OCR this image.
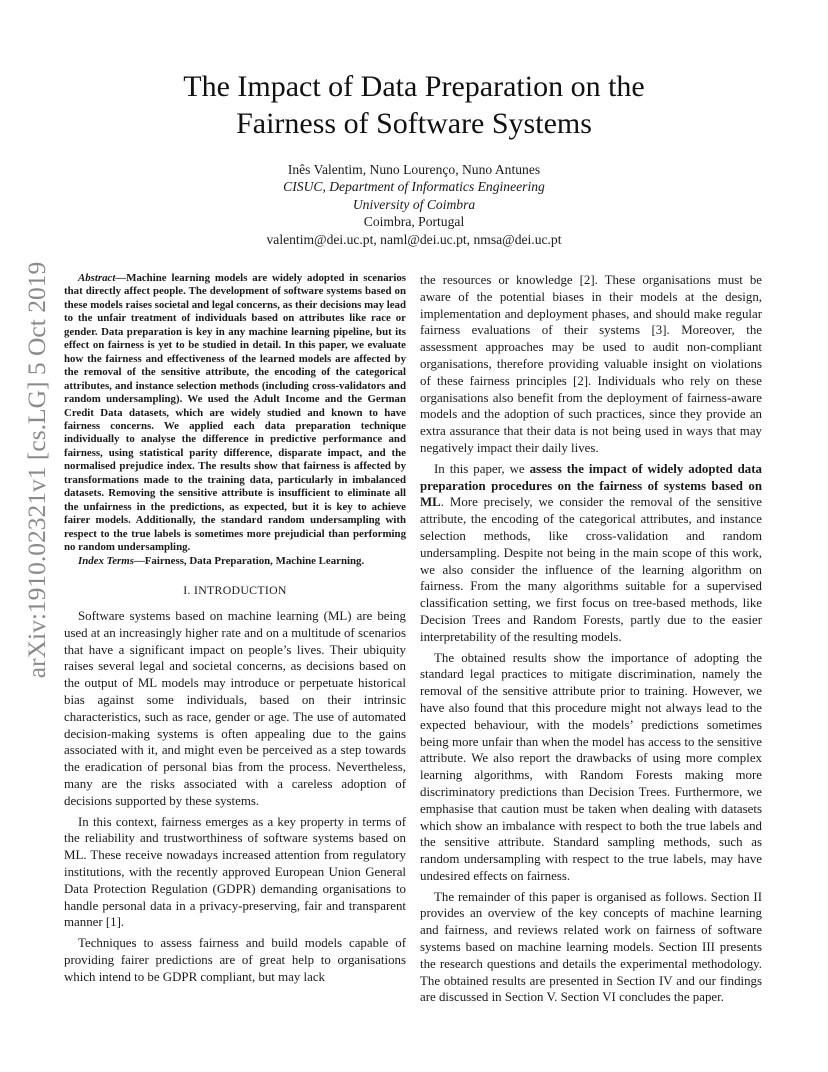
arXiv:1910.02321v1 [cs.LG] 5 Oct 2019
The Impact of Data Preparation on the
Fairness of Software Systems
Inês Valentim, Nuno Lourenço, Nuno Antunes
CISUC, Department of Informatics Engineering
University of Coimbra
Coimbra, Portugal
valentim@dei.uc.pt, naml@dei.uc.pt, nmsa@dei.uc.pt

Abstract—Machine learning models are widely adopted in scenarios that directly affect people. The development of software systems based on these models raises societal and legal concerns, as their decisions may lead to the unfair treatment of individuals based on attributes like race or gender. Data preparation is key in any machine learning pipeline, but its effect on fairness is yet to be studied in detail. In this paper, we evaluate how the fairness and effectiveness of the learned models are affected by the removal of the sensitive attribute, the encoding of the categorical attributes, and instance selection methods (including cross-validators and random undersampling). We used the Adult Income and the German Credit Data datasets, which are widely studied and known to have fairness concerns. We applied each data preparation technique individually to analyse the difference in predictive performance and fairness, using statistical parity difference, disparate impact, and the normalised prejudice index. The results show that fairness is affected by transformations made to the training data, particularly in imbalanced datasets. Removing the sensitive attribute is insufficient to eliminate all the unfairness in the predictions, as expected, but it is key to achieve fairer models. Additionally, the standard random undersampling with respect to the true labels is sometimes more prejudicial than performing no random undersampling.

Index Terms—Fairness, Data Preparation, Machine Learning.

I. INTRODUCTION

Software systems based on machine learning (ML) are being used at an increasingly higher rate and on a multitude of scenarios that have a significant impact on people’s lives. Their ubiquity raises several legal and societal concerns, as decisions based on the output of ML models may introduce or perpetuate historical bias against some individuals, based on their intrinsic characteristics, such as race, gender or age. The use of automated decision-making systems is often appealing due to the gains associated with it, and might even be perceived as a step towards the eradication of personal bias from the process. Nevertheless, many are the risks associated with a careless adoption of decisions supported by these systems.

In this context, fairness emerges as a key property in terms of the reliability and trustworthiness of software systems based on ML. These receive nowadays increased attention from regulatory institutions, with the recently approved European Union General Data Protection Regulation (GDPR) demanding organisations to handle personal data in a privacy-preserving, fair and transparent manner [1].

Techniques to assess fairness and build models capable of providing fairer predictions are of great help to organisations which intend to be GDPR compliant, but may lack

the resources or knowledge [2]. These organisations must be aware of the potential biases in their models at the design, implementation and deployment phases, and should make regular fairness evaluations of their systems [3]. Moreover, the assessment approaches may be used to audit non-compliant organisations, therefore providing valuable insight on violations of these fairness principles [2]. Individuals who rely on these organisations also benefit from the deployment of fairness-aware models and the adoption of such practices, since they provide an extra assurance that their data is not being used in ways that may negatively impact their daily lives.

In this paper, we assess the impact of widely adopted data preparation procedures on the fairness of systems based on ML. More precisely, we consider the removal of the sensitive attribute, the encoding of the categorical attributes, and instance selection methods, like cross-validation and random undersampling. Despite not being in the main scope of this work, we also consider the influence of the learning algorithm on fairness. From the many algorithms suitable for a supervised classification setting, we first focus on tree-based methods, like Decision Trees and Random Forests, partly due to the easier interpretability of the resulting models.

The obtained results show the importance of adopting the standard legal practices to mitigate discrimination, namely the removal of the sensitive attribute prior to training. However, we have also found that this procedure might not always lead to the expected behaviour, with the models’ predictions sometimes being more unfair than when the model has access to the sensitive attribute. We also report the drawbacks of using more complex learning algorithms, with Random Forests making more discriminatory predictions than Decision Trees. Furthermore, we emphasise that caution must be taken when dealing with datasets which show an imbalance with respect to both the true labels and the sensitive attribute. Standard sampling methods, such as random undersampling with respect to the true labels, may have undesired effects on fairness.

The remainder of this paper is organised as follows. Section II provides an overview of the key concepts of machine learning and fairness, and reviews related work on fairness of software systems based on machine learning models. Section III presents the research questions and details the experimental methodology. The obtained results are presented in Section IV and our findings are discussed in Section V. Section VI concludes the paper.
